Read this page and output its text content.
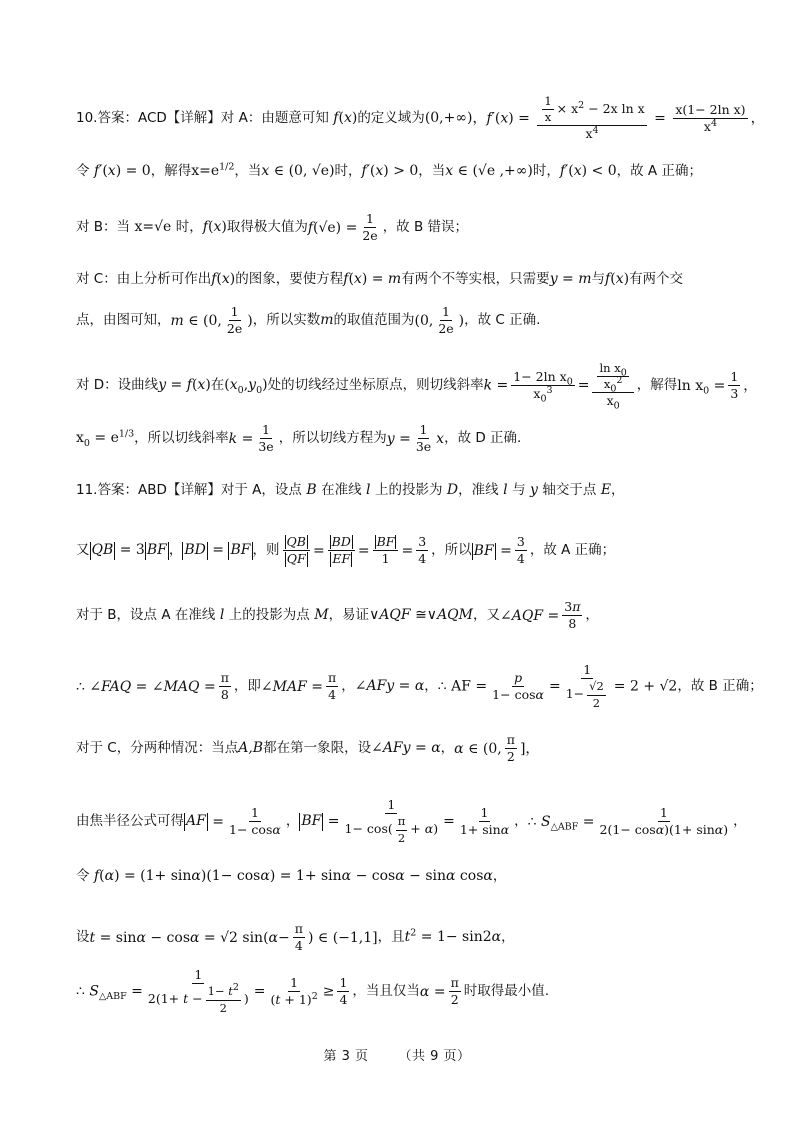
10.答案：ACD【详解】对 A：由题意可知 f(x) 的定义域为 (0,+∞) ，$f'(x) = \frac{\frac{1}{x} \times x^2 - 2x \ln x}{x^4} = \frac{\text{x(1− 2ln x)}}{x^4}$ ，
令 f′(x) = 0 ，解得 $x=e^{1/2}$ ，当 x ∈ (0, √e) 时， f′(x) > 0 ，当 x ∈ (√e ,+∞) 时， f′(x) < 0 ，故 A 正确；
对 B：当 x=√e 时， f(x) 取得极大值为 $f(√e) = \frac{1}{2e}$ ，故 B 错误；
对 C：由上分析可作出 f(x) 的图象，要使方程 f(x) = m 有两个不等实根，只需要 y = m 与 f(x) 有两个交
点，由图可知， m ∈ (0, $\frac{1}{2e}$ ) ，所以实数 m 的取值范围为 (0, $\frac{1}{2e}$ ) ，故 C 正确.
对 D：设曲线 y = f(x) 在 $(x_0,y_0)$ 处的切线经过坐标原点，则切线斜率 $k = \frac{1- 2\ln x_0}{x_0^3} = \frac{\frac{\ln x_0}{x_0^2}}{x_0}$ ，解得 $\ln x_0 = \frac{1}{3}$ ，
$x_0 = e^{1/3}$ ，所以切线斜率 $k = \frac{1}{3e}$ ，所以切线方程为 $y = \frac{1}{3e}$ x ，故 D 正确.
11.答案：ABD【详解】对于 A，设点 B 在准线 l 上的投影为 D ，准线 l 与 y 轴交于点 E ，
又 QB = 3 BF ， BD = BF ，则 $\frac{QB}{QF} = \frac{BD}{EF} = \frac{BF}{1} = \frac{3}{4}$ ，所以 BF = $\frac{3}{4}$ ，故 A 正确；
对于 B，设点 A 在准线 l 上的投影为点 M ，易证 ∨AQF ≅∨AQM ，又 ∠AQF = $\frac{3\pi}{8}$ ，
∴ ∠FAQ = ∠MAQ = $\frac{\pi}{8}$ ，即 ∠MAF = $\frac{\pi}{4}$ ， ∠AFy = α ， ∴ AF = $\frac{p}{1- \cos\alpha} = \frac{1}{1- \frac{√2}{2}} = 2 + √2$ ，故 B 正确；
对于 C，分两种情况：当点 A,B 都在第一象限，设 ∠AFy = α ， α ∈ (0, $\frac{\pi}{2}$ ]，
由焦半径公式可得 AF = $\frac{1}{1- \cos\alpha}$ ， BF = $\frac{1}{1- \cos( \frac{\pi}{2} + \alpha)} = \frac{1}{1+ \sin\alpha}$ ， ∴ $S_{\triangle ABF} = \frac{1}{2(1- \cos\alpha)(1+ \sin\alpha)}$ ，
令 f(α) = (1+ sinα)(1− cosα) = 1+ sinα − cosα − sinα cosα ，
设 t = sinα − cosα = √2 $\sin(\alpha- \frac{\pi}{4}$ ) ∈ (−1,1] ，且 $t^2 = 1- \sin 2\alpha$ ，
∴ $S_{\triangle ABF} = \frac{1}{2(1+ t - \frac{1- t^2}{2} )} = \frac{1}{(t + 1)^2} \ge \frac{1}{4}$ ，当且仅当 $\alpha = \frac{\pi}{2}$ 时取得最小值.
第 3 页 （共 9 页）
